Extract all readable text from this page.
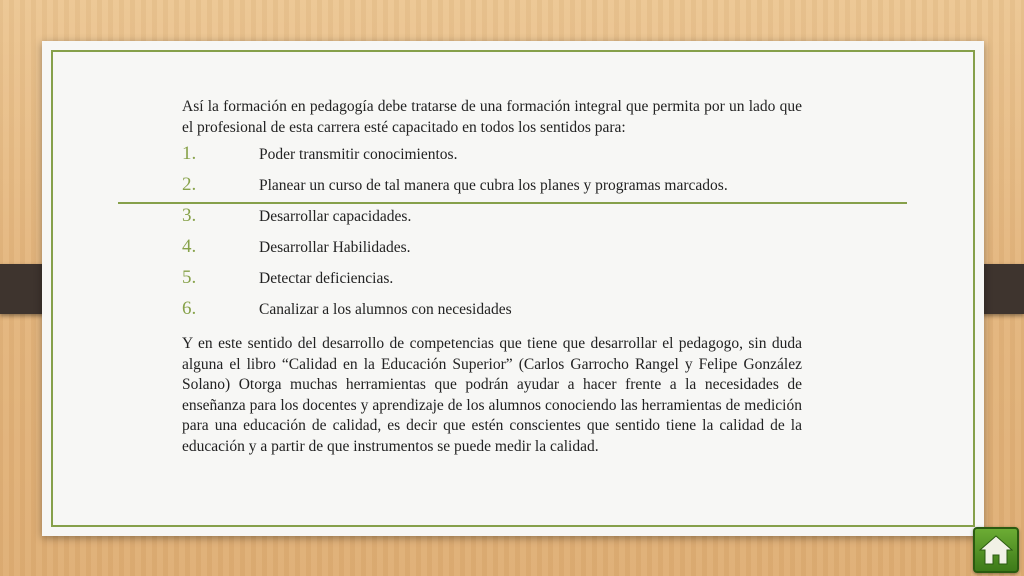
Así la formación en pedagogía debe tratarse de una formación integral que permita por un lado que el profesional de esta carrera esté capacitado en todos los sentidos para:

1.	Poder transmitir conocimientos.
2.	Planear un curso de tal manera que cubra los planes y programas marcados.
3.	Desarrollar capacidades.
4.	Desarrollar Habilidades.
5.	Detectar deficiencias.
6.	Canalizar a los alumnos con necesidades

Y en este sentido del desarrollo de competencias que tiene que desarrollar el pedagogo, sin duda alguna el libro “Calidad en la Educación Superior” (Carlos Garrocho Rangel y Felipe González Solano) Otorga muchas herramientas que podrán ayudar a hacer frente a la necesidades de enseñanza para los docentes y aprendizaje de los alumnos conociendo las herramientas de medición para una educación de calidad, es decir que estén conscientes que sentido tiene la calidad de la educación y a partir de que instrumentos se puede medir la calidad.
